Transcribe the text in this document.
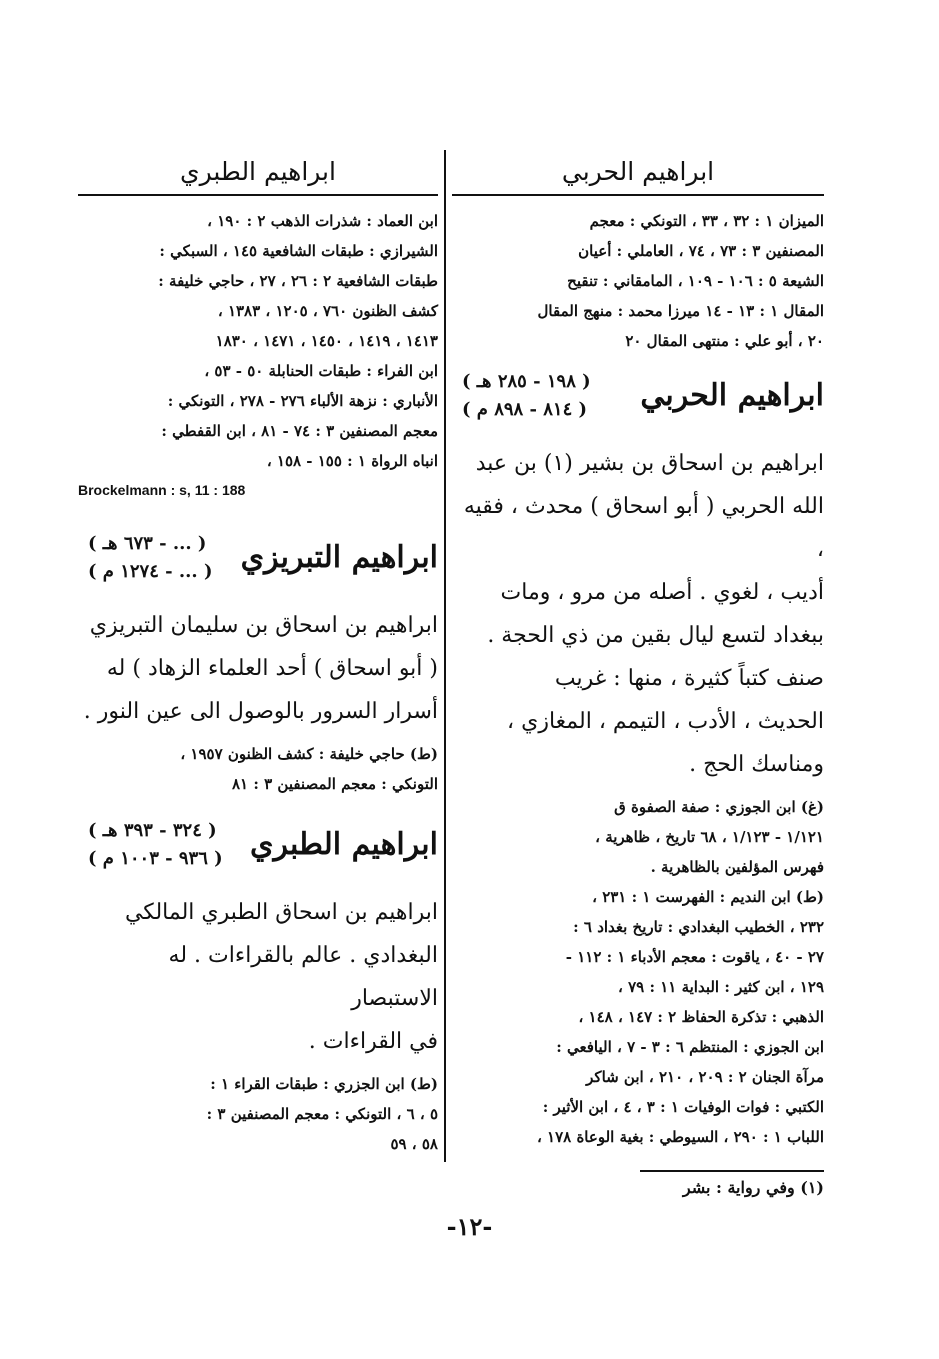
ابراهيم الحربي

الميزان ١ : ٣٢ ، ٣٣ ، التونكي : معجم

المصنفين ٣ : ٧٣ ، ٧٤ ، العاملي : أعيان

الشيعة ٥ : ١٠٦ - ١٠٩ ، المامقاني : تنقيح

المقال ١ : ١٣ - ١٤ ميرزا محمد : منهج المقال

٢٠ ، أبو علي : منتهى المقال ٢٠

ابراهيم الحربي
( ١٩٨ - ٢٨٥ هـ )
( ٨١٤ - ٨٩٨ م )

ابراهيم بن اسحاق بن بشير (١) بن عبد

الله الحربي ( أبو اسحاق ) محدث ، فقيه ،

أديب ، لغوي . أصله من مرو ، ومات

ببغداد لتسع ليال بقين من ذي الحجة .

صنف كتباً كثيرة ، منها : غريب

الحديث ، الأدب ، التيمم ، المغازي ،

ومناسك الحج .

(غ) ابن الجوزي : صفة الصفوة ق

١/١٢١ - ١/١٢٣ ، ٦٨ تاريخ ، ظاهرية ،

فهرس المؤلفين بالظاهرية .

(ط) ابن النديم : الفهرست ١ : ٢٣١ ،

٢٣٢ ، الخطيب البغدادي : تاريخ بغداد ٦ :

٢٧ - ٤٠ ، ياقوت : معجم الأدباء ١ : ١١٢ -

١٢٩ ، ابن كثير : البداية ١١ : ٧٩ ،

الذهبي : تذكرة الحفاظ ٢ : ١٤٧ ، ١٤٨ ،

ابن الجوزي : المنتظم ٦ : ٣ - ٧ ، اليافعي :

مرآة الجنان ٢ : ٢٠٩ ، ٢١٠ ، ابن شاكر

الكتبي : فوات الوفيات ١ : ٣ ، ٤ ، ابن الأثير :

اللباب ١ : ٢٩٠ ، السيوطي : بغية الوعاة ١٧٨ ،

ابراهيم الطبري

ابن العماد : شذرات الذهب ٢ : ١٩٠ ،

الشيرازي : طبقات الشافعية ١٤٥ ، السبكي :

طبقات الشافعية ٢ : ٢٦ ، ٢٧ ، حاجي خليفة :

كشف الظنون ٧٦٠ ، ١٢٠٥ ، ١٣٨٣ ،

١٤١٣ ، ١٤١٩ ، ١٤٥٠ ، ١٤٧١ ، ١٨٣٠

ابن الفراء : طبقات الحنابلة ٥٠ - ٥٣ ،

الأنباري : نزهة الألباء ٢٧٦ - ٢٧٨ ، التونكي :

معجم المصنفين ٣ : ٧٤ - ٨١ ، ابن القفطي :

انباه الرواة ١ : ١٥٥ - ١٥٨ ،

Brockelmann : s, 11 : 188
ابراهيم التبريزي
( ... - ٦٧٣ هـ )
( ... - ١٢٧٤ م )

ابراهيم بن اسحاق بن سليمان التبريزي

( أبو اسحاق ) أحد العلماء الزهاد ) له

أسرار السرور بالوصول الى عين النور .

(ط) حاجي خليفة : كشف الظنون ١٩٥٧ ،

التونكي : معجم المصنفين ٣ : ٨١

ابراهيم الطبري
( ٣٢٤ - ٣٩٣ هـ )
( ٩٣٦ - ١٠٠٣ م )

ابراهيم بن اسحاق الطبري المالكي

البغدادي . عالم بالقراءات . له الاستبصار

في القراءات .

(ط) ابن الجزري : طبقات القراء ١ :

٥ ، ٦ ، التونكي : معجم المصنفين ٣ :

٥٨ ، ٥٩

(١) وفي رواية : بشر
-١٢-
